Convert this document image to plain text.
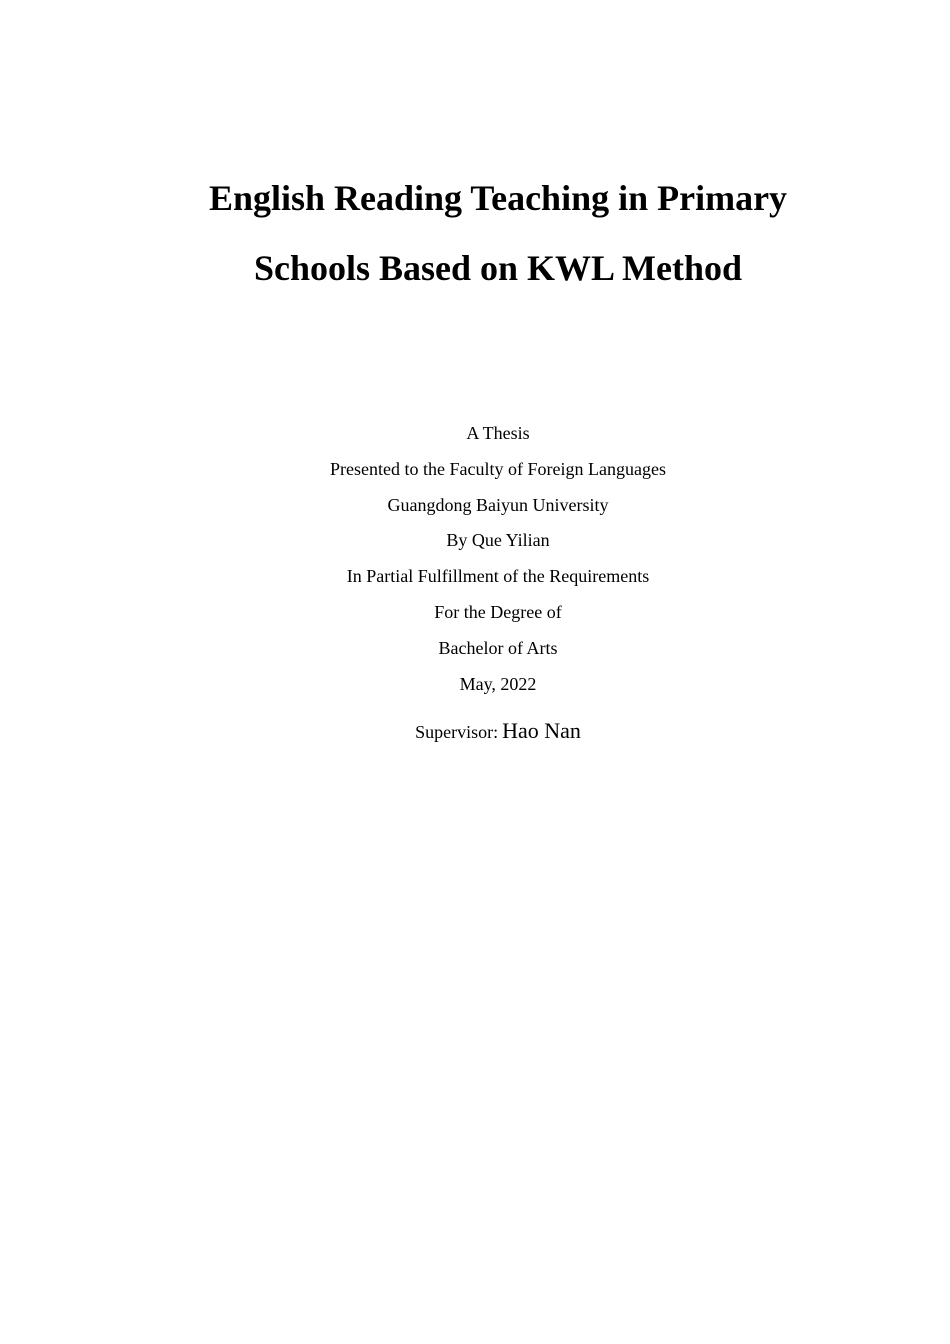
English Reading Teaching in Primary

Schools Based on KWL Method

A Thesis

Presented to the Faculty of Foreign Languages

Guangdong Baiyun University

By Que Yilian

In Partial Fulfillment of the Requirements

For the Degree of

Bachelor of Arts

May, 2022

Supervisor: Hao Nan
